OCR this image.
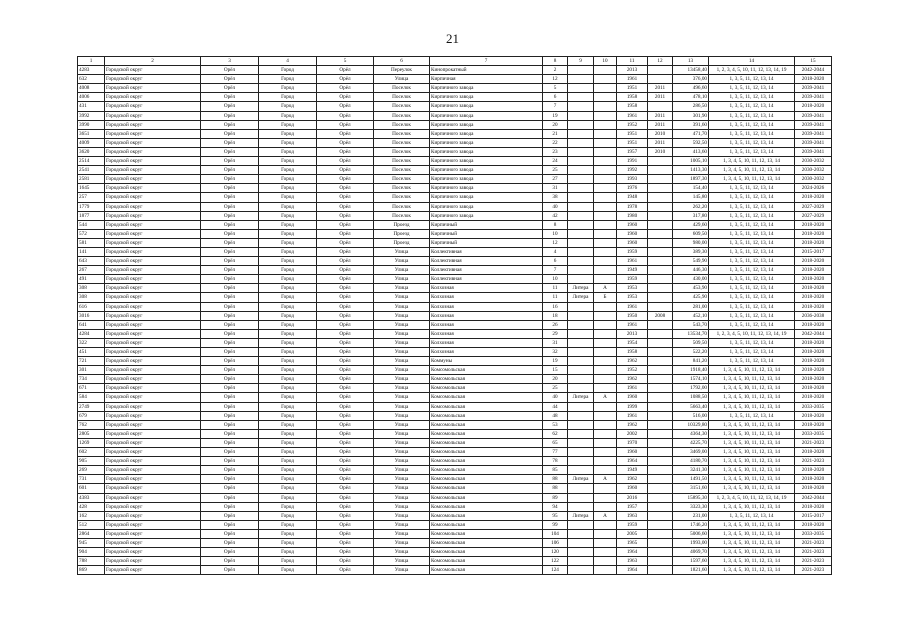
21
1	2	3	4	5	6	7	8	9	10	11	12	13	14	15
4283	Городской округ	Орёл	Город	Орёл	Переулок	Кинопрокатный	2			2013		13458,40	1, 2, 3, 4, 5, 10, 11, 12, 13, 14, 19	2042-2044
632	Городской округ	Орёл	Город	Орёл	Улица	Кирпичная	12			1961		376,00	1, 3, 5, 11, 12, 13, 14	2018-2020
4008	Городской округ	Орёл	Город	Орёл	Поселок	Кирпичного завода	5			1951	2011	496,60	1, 3, 5, 11, 12, 13, 14	2039-2041
4006	Городской округ	Орёл	Город	Орёл	Поселок	Кирпичного завода	6			1958	2011	478,10	1, 3, 5, 11, 12, 13, 14	2039-2041
431	Городской округ	Орёл	Город	Орёл	Поселок	Кирпичного завода	7			1958		286,50	1, 3, 5, 11, 12, 13, 14	2018-2020
3992	Городской округ	Орёл	Город	Орёл	Поселок	Кирпичного завода	19			1961	2011	301,90	1, 3, 5, 11, 12, 13, 14	2039-2041
3990	Городской округ	Орёл	Город	Орёл	Поселок	Кирпичного завода	20			1952	2011	391,60	1, 3, 5, 11, 12, 13, 14	2039-2041
3651	Городской округ	Орёл	Город	Орёл	Поселок	Кирпичного завода	21			1951	2010	471,70	1, 3, 5, 11, 12, 13, 14	2039-2041
4009	Городской округ	Орёл	Город	Орёл	Поселок	Кирпичного завода	22			1951	2011	592,50	1, 3, 5, 11, 12, 13, 14	2039-2041
3620	Городской округ	Орёл	Город	Орёл	Поселок	Кирпичного завода	23			1957	2010	413,60	1, 3, 5, 11, 12, 13, 14	2039-2041
2514	Городской округ	Орёл	Город	Орёл	Поселок	Кирпичного завода	24			1991		1005,10	1, 3, 4, 5, 10, 11, 12, 13, 14	2030-2032
2541	Городской округ	Орёл	Город	Орёл	Поселок	Кирпичного завода	25			1992		1413,30	1, 3, 4, 5, 10, 11, 12, 13, 14	2030-2032
2581	Городской округ	Орёл	Город	Орёл	Поселок	Кирпичного завода	27			1993		1897,30	1, 3, 4, 5, 10, 11, 12, 13, 14	2030-2032
1645	Городской округ	Орёл	Город	Орёл	Поселок	Кирпичного завода	31			1976		154,40	1, 3, 5, 11, 12, 13, 14	2024-2026
257	Городской округ	Орёл	Город	Орёл	Поселок	Кирпичного завода	38			1948		145,80	1, 3, 5, 11, 12, 13, 14	2018-2020
1779	Городской округ	Орёл	Город	Орёл	Поселок	Кирпичного завода	40			1978		262,20	1, 3, 5, 11, 12, 13, 14	2027-2029
1877	Городской округ	Орёл	Город	Орёл	Поселок	Кирпичного завода	42			1980		317,80	1, 3, 5, 11, 12, 13, 14	2027-2029
544	Городской округ	Орёл	Город	Орёл	Проезд	Кирпичный	8			1960		429,60	1, 3, 5, 11, 12, 13, 14	2018-2020
572	Городской округ	Орёл	Город	Орёл	Проезд	Кирпичный	10			1960		609,50	1, 3, 5, 11, 12, 13, 14	2018-2020
581	Городской округ	Орёл	Город	Орёл	Проезд	Кирпичный	12			1960		980,00	1, 3, 5, 11, 12, 13, 14	2018-2020
141	Городской округ	Орёл	Город	Орёл	Улица	Коллективная	4			1959		389,30	1, 3, 5, 11, 12, 13, 14	2015-2017
643	Городской округ	Орёл	Город	Орёл	Улица	Коллективная	6			1961		549,90	1, 3, 5, 11, 12, 13, 14	2018-2020
267	Городской округ	Орёл	Город	Орёл	Улица	Коллективная	7			1949		446,30	1, 3, 5, 11, 12, 13, 14	2018-2020
491	Городской округ	Орёл	Город	Орёл	Улица	Коллективная	10			1959		430,00	1, 3, 5, 11, 12, 13, 14	2018-2020
308	Городской округ	Орёл	Город	Орёл	Улица	Колхозная	11	Литера	А	1953		453,90	1, 3, 5, 11, 12, 13, 14	2018-2020
308	Городской округ	Орёл	Город	Орёл	Улица	Колхозная	11	Литера	Б	1953		425,90	1, 3, 5, 11, 12, 13, 14	2018-2020
616	Городской округ	Орёл	Город	Орёл	Улица	Колхозная	16			1961		281,00	1, 3, 5, 11, 12, 13, 14	2018-2020
3016	Городской округ	Орёл	Город	Орёл	Улица	Колхозная	18			1950	2008	452,10	1, 3, 5, 11, 12, 13, 14	2036-2038
641	Городской округ	Орёл	Город	Орёл	Улица	Колхозная	26			1961		543,70	1, 3, 5, 11, 12, 13, 14	2018-2020
4284	Городской округ	Орёл	Город	Орёл	Улица	Колхозная	29			2013		13534,70	1, 2, 3, 4, 5, 10, 11, 12, 13, 14, 19	2042-2044
322	Городской округ	Орёл	Город	Орёл	Улица	Колхозная	31			1954		509,50	1, 3, 5, 11, 12, 13, 14	2018-2020
451	Городской округ	Орёл	Город	Орёл	Улица	Колхозная	32			1958		522,20	1, 3, 5, 11, 12, 13, 14	2018-2020
721	Городской округ	Орёл	Город	Орёл	Улица	Коммуны	19			1962		841,20	1, 3, 5, 11, 12, 13, 14	2018-2020
301	Городской округ	Орёл	Город	Орёл	Улица	Комсомольская	15			1952		1918,40	1, 3, 4, 5, 10, 11, 12, 13, 14	2018-2020
734	Городской округ	Орёл	Город	Орёл	Улица	Комсомольская	20			1962		1574,10	1, 3, 4, 5, 10, 11, 12, 13, 14	2018-2020
671	Городской округ	Орёл	Город	Орёл	Улица	Комсомольская	25			1961		1792,00	1, 3, 4, 5, 10, 11, 12, 13, 14	2018-2020
584	Городской округ	Орёл	Город	Орёл	Улица	Комсомольская	40	Литера	А	1960		1088,50	1, 3, 4, 5, 10, 11, 12, 13, 14	2018-2020
2749	Городской округ	Орёл	Город	Орёл	Улица	Комсомольская	44			1999		5663,40	1, 3, 4, 5, 10, 11, 12, 13, 14	2033-2035
679	Городской округ	Орёл	Город	Орёл	Улица	Комсомольская	48			1961		516,00	1, 3, 5, 11, 12, 13, 14	2018-2020
762	Городской округ	Орёл	Город	Орёл	Улица	Комсомольская	53			1962		10329,80	1, 3, 4, 5, 10, 11, 12, 13, 14	2018-2020
2805	Городской округ	Орёл	Город	Орёл	Улица	Комсомольская	62			2002		4364,30	1, 3, 4, 5, 10, 11, 12, 13, 14	2033-2035
1269	Городской округ	Орёл	Город	Орёл	Улица	Комсомольская	65			1970		4225,70	1, 3, 4, 5, 10, 11, 12, 13, 14	2021-2023
602	Городской округ	Орёл	Город	Орёл	Улица	Комсомольская	77			1960		3469,00	1, 3, 4, 5, 10, 11, 12, 13, 14	2018-2020
905	Городской округ	Орёл	Город	Орёл	Улица	Комсомольская	78			1964		4180,70	1, 3, 4, 5, 10, 11, 12, 13, 14	2021-2023
269	Городской округ	Орёл	Город	Орёл	Улица	Комсомольская	85			1949		3241,30	1, 3, 4, 5, 10, 11, 12, 13, 14	2018-2020
731	Городской округ	Орёл	Город	Орёл	Улица	Комсомольская	88	Литера	А	1962		1491,50	1, 3, 4, 5, 10, 11, 12, 13, 14	2018-2020
601	Городской округ	Орёл	Город	Орёл	Улица	Комсомольская	88			1960		3151,60	1, 3, 4, 5, 10, 11, 12, 13, 14	2018-2020
4383	Городской округ	Орёл	Город	Орёл	Улица	Комсомольская	89			2016		15895,30	1, 2, 3, 4, 5, 10, 11, 12, 13, 14, 19	2042-2044
428	Городской округ	Орёл	Город	Орёл	Улица	Комсомольская	94			1957		3323,30	1, 3, 4, 5, 10, 11, 12, 13, 14	2018-2020
162	Городской округ	Орёл	Город	Орёл	Улица	Комсомольская	95	Литера	А	1963		231,00	1, 3, 5, 11, 12, 13, 14	2015-2017
512	Городской округ	Орёл	Город	Орёл	Улица	Комсомольская	99			1959		1746,20	1, 3, 4, 5, 10, 11, 12, 13, 14	2018-2020
2864	Городской округ	Орёл	Город	Орёл	Улица	Комсомольская	104			2005		5006,60	1, 3, 4, 5, 10, 11, 12, 13, 14	2033-2035
945	Городской округ	Орёл	Город	Орёл	Улица	Комсомольская	106			1965		1993,00	1, 3, 4, 5, 10, 11, 12, 13, 14	2021-2023
904	Городской округ	Орёл	Город	Орёл	Улица	Комсомольская	120			1964		4069,70	1, 3, 4, 5, 10, 11, 12, 13, 14	2021-2023
788	Городской округ	Орёл	Город	Орёл	Улица	Комсомольская	122			1963		1597,60	1, 3, 4, 5, 10, 11, 12, 13, 14	2021-2023
869	Городской округ	Орёл	Город	Орёл	Улица	Комсомольская	124			1964		1821,60	1, 3, 4, 5, 10, 11, 12, 13, 14	2021-2023
